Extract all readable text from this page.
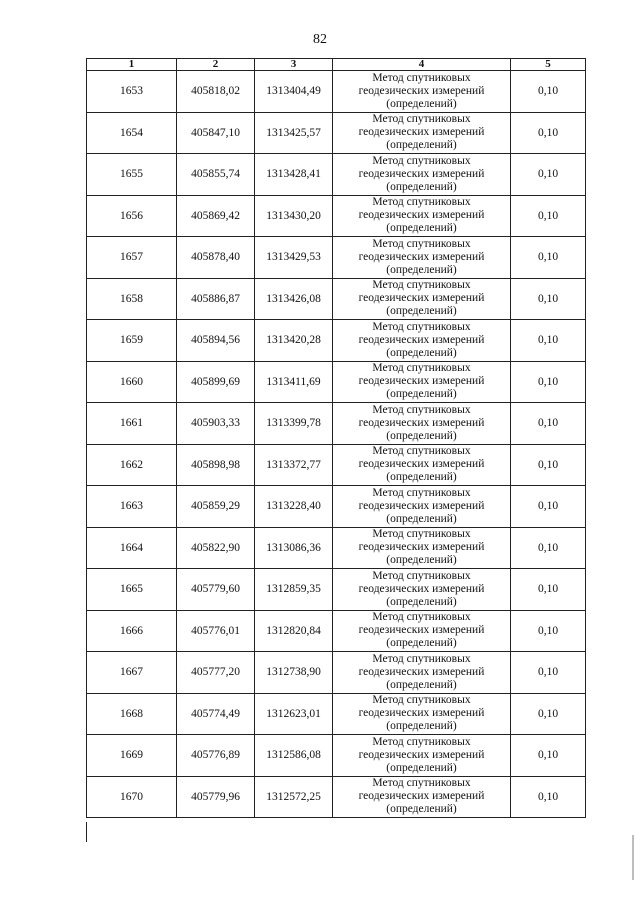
82
1	2	3	4	5
1653	405818,02	1313404,49	Метод спутниковых
геодезических измерений
(определений)	0,10
1654	405847,10	1313425,57	Метод спутниковых
геодезических измерений
(определений)	0,10
1655	405855,74	1313428,41	Метод спутниковых
геодезических измерений
(определений)	0,10
1656	405869,42	1313430,20	Метод спутниковых
геодезических измерений
(определений)	0,10
1657	405878,40	1313429,53	Метод спутниковых
геодезических измерений
(определений)	0,10
1658	405886,87	1313426,08	Метод спутниковых
геодезических измерений
(определений)	0,10
1659	405894,56	1313420,28	Метод спутниковых
геодезических измерений
(определений)	0,10
1660	405899,69	1313411,69	Метод спутниковых
геодезических измерений
(определений)	0,10
1661	405903,33	1313399,78	Метод спутниковых
геодезических измерений
(определений)	0,10
1662	405898,98	1313372,77	Метод спутниковых
геодезических измерений
(определений)	0,10
1663	405859,29	1313228,40	Метод спутниковых
геодезических измерений
(определений)	0,10
1664	405822,90	1313086,36	Метод спутниковых
геодезических измерений
(определений)	0,10
1665	405779,60	1312859,35	Метод спутниковых
геодезических измерений
(определений)	0,10
1666	405776,01	1312820,84	Метод спутниковых
геодезических измерений
(определений)	0,10
1667	405777,20	1312738,90	Метод спутниковых
геодезических измерений
(определений)	0,10
1668	405774,49	1312623,01	Метод спутниковых
геодезических измерений
(определений)	0,10
1669	405776,89	1312586,08	Метод спутниковых
геодезических измерений
(определений)	0,10
1670	405779,96	1312572,25	Метод спутниковых
геодезических измерений
(определений)	0,10
